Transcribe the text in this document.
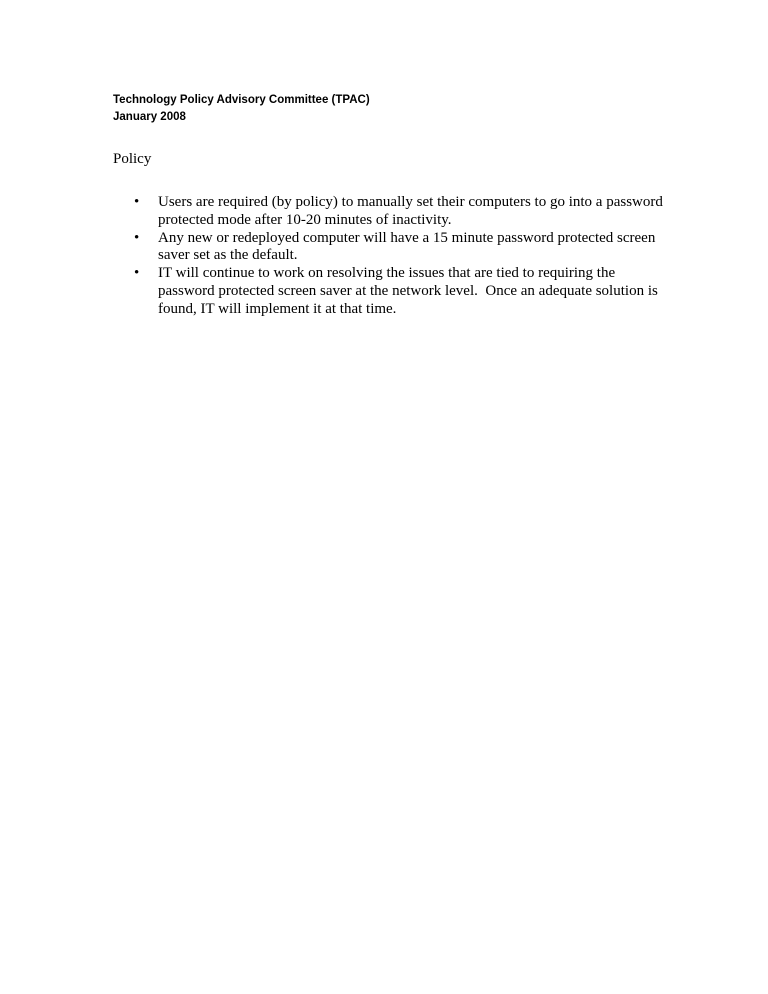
Technology Policy Advisory Committee (TPAC)
January 2008
Policy
• Users are required (by policy) to manually set their computers to go into a password protected mode after 10-20 minutes of inactivity.
• Any new or redeployed computer will have a 15 minute password protected screen saver set as the default.
• IT will continue to work on resolving the issues that are tied to requiring the password protected screen saver at the network level.  Once an adequate solution is found, IT will implement it at that time.
